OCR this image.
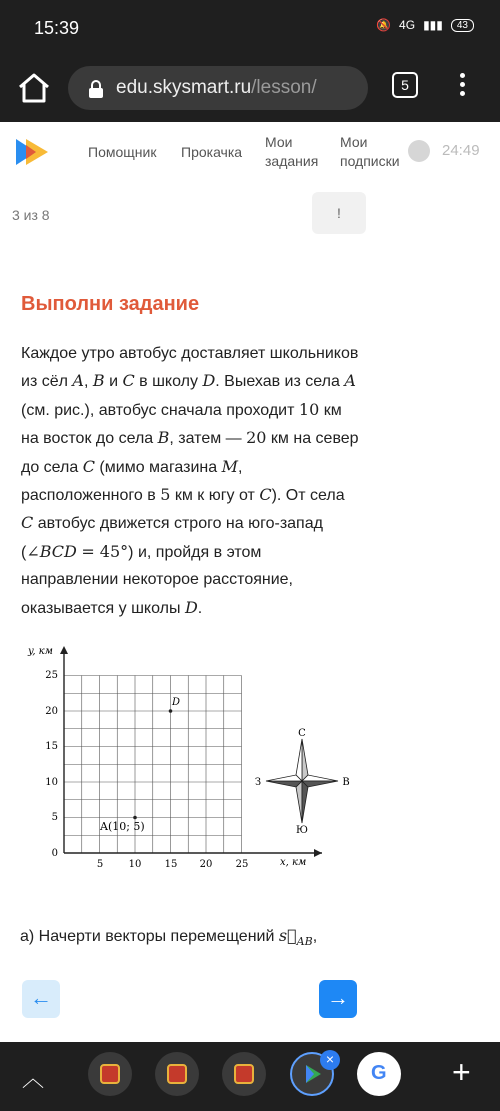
15:39	🔕 4G ▮▮▮	43
edu.skysmart.ru/lesson/	5
Помощник Прокачка
Мои задания
Мои подписки
24:49
3 из 8	!
Выполни задание
Каждое утро автобус доставляет школьников из сёл A, B и C в школу D. Выехав из села A (см. рис.), автобус сначала проходит 10 км на восток до села B, затем — 20 км на север до села C (мимо магазина M, расположенного в 5 км к югу от C). От села C автобус движется строго на юго-запад (∠BCD = 45°) и, пройдя в этом направлении некоторое расстояние, оказывается у школы D.
y, км
x, км
25
20
15
10
5
0
5	10 15 20 25
A(10; 5)
D
С
Ю
З	В
а) Начерти векторы перемещений $s⃗_{AB}$,
←	→
︿	G +
×
